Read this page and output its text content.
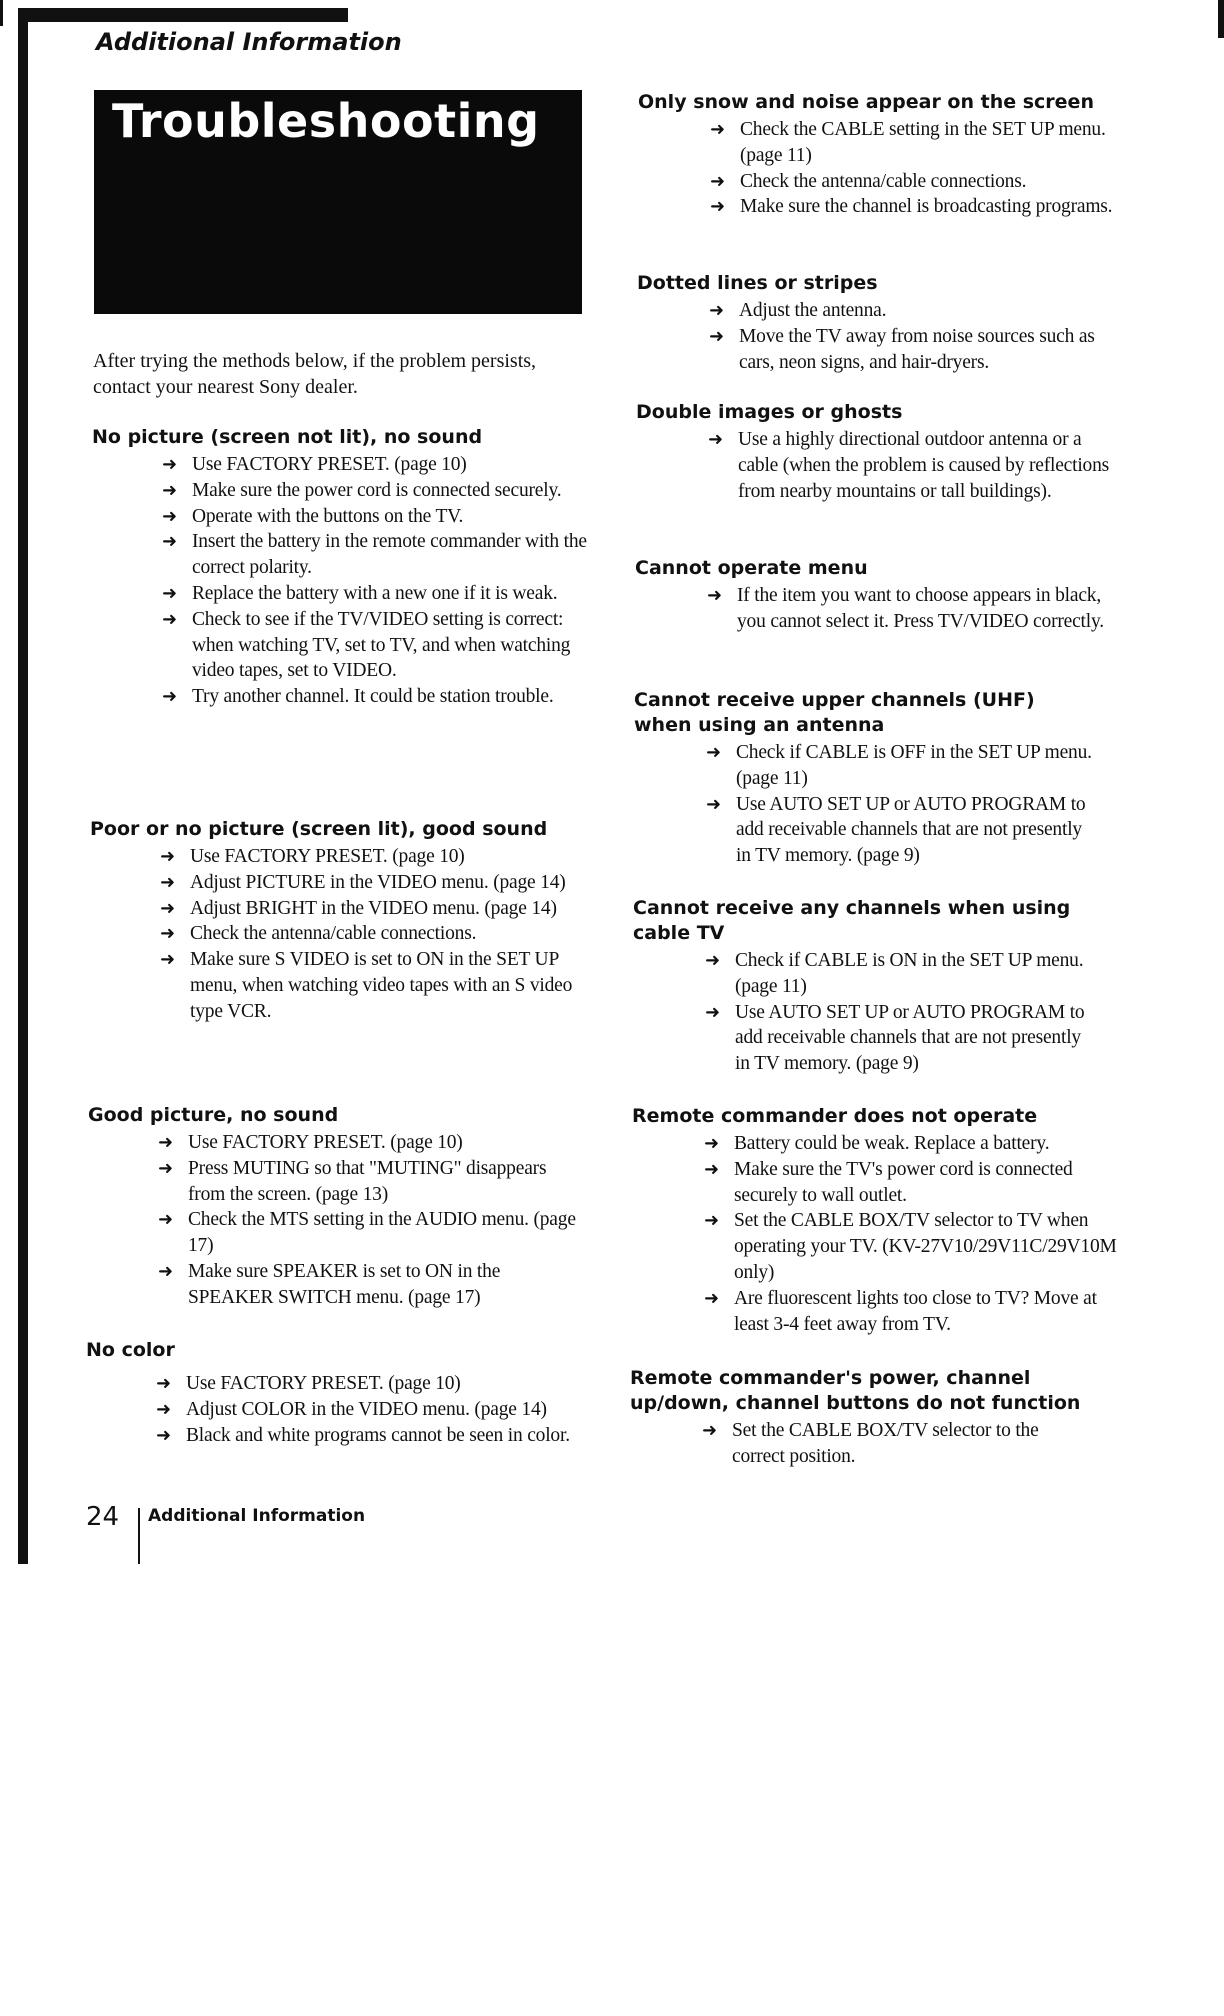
Additional Information
Troubleshooting
After trying the methods below, if the problem persists, contact your nearest Sony dealer.
No picture (screen not lit), no sound
➜ Use FACTORY PRESET. (page 10)
➜ Make sure the power cord is connected securely.
➜ Operate with the buttons on the TV.
➜ Insert the battery in the remote commander with the correct polarity.
➜ Replace the battery with a new one if it is weak.
➜ Check to see if the TV/VIDEO setting is correct: when watching TV, set to TV, and when watching video tapes, set to VIDEO.
➜ Try another channel. It could be station trouble.
Poor or no picture (screen lit), good sound
➜ Use FACTORY PRESET. (page 10)
➜ Adjust PICTURE in the VIDEO menu. (page 14)
➜ Adjust BRIGHT in the VIDEO menu. (page 14)
➜ Check the antenna/cable connections.
➜ Make sure S VIDEO is set to ON in the SET UP menu, when watching video tapes with an S video type VCR.
Good picture, no sound
➜ Use FACTORY PRESET. (page 10)
➜ Press MUTING so that "MUTING" disappears from the screen. (page 13)
➜ Check the MTS setting in the AUDIO menu. (page 17)
➜ Make sure SPEAKER is set to ON in the SPEAKER SWITCH menu. (page 17)
No color
➜ Use FACTORY PRESET. (page 10)
➜ Adjust COLOR in the VIDEO menu. (page 14)
➜ Black and white programs cannot be seen in color.
Only snow and noise appear on the screen
➜ Check the CABLE setting in the SET UP menu. (page 11)
➜ Check the antenna/cable connections.
➜ Make sure the channel is broadcasting programs.
Dotted lines or stripes
➜ Adjust the antenna.
➜ Move the TV away from noise sources such as cars, neon signs, and hair-dryers.
Double images or ghosts
➜ Use a highly directional outdoor antenna or a cable (when the problem is caused by reflections from nearby mountains or tall buildings).
Cannot operate menu
➜ If the item you want to choose appears in black, you cannot select it. Press TV/VIDEO correctly.
Cannot receive upper channels (UHF) when using an antenna
➜ Check if CABLE is OFF in the SET UP menu. (page 11)
➜ Use AUTO SET UP or AUTO PROGRAM to add receivable channels that are not presently in TV memory. (page 9)
Cannot receive any channels when using cable TV
➜ Check if CABLE is ON in the SET UP menu. (page 11)
➜ Use AUTO SET UP or AUTO PROGRAM to add receivable channels that are not presently in TV memory. (page 9)
Remote commander does not operate
➜ Battery could be weak. Replace a battery.
➜ Make sure the TV's power cord is connected securely to wall outlet.
➜ Set the CABLE BOX/TV selector to TV when operating your TV. (KV-27V10/29V11C/29V10M only)
➜ Are fluorescent lights too close to TV? Move at least 3-4 feet away from TV.
Remote commander's power, channel up/down, channel buttons do not function
➜ Set the CABLE BOX/TV selector to the correct position.
24 Additional Information
